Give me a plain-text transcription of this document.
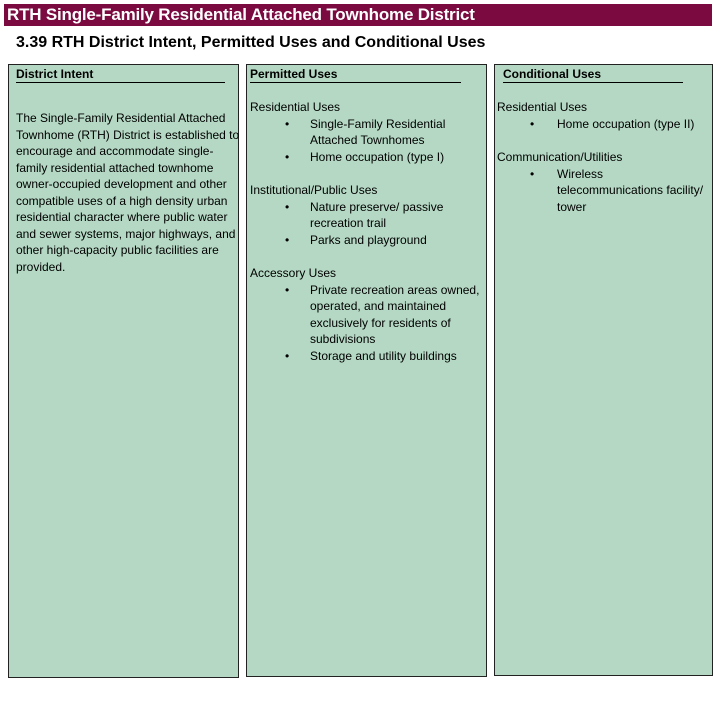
RTH Single-Family Residential Attached Townhome District
3.39 RTH District Intent, Permitted Uses and Conditional Uses
District Intent

The Single-Family Residential Attached Townhome (RTH) District is established to encourage and accommodate single-family residential attached townhome owner-occupied development and other compatible uses of a high density urban residential character where public water and sewer systems, major highways, and other high-capacity public facilities are provided.

Permitted Uses

Residential Uses

• Single-Family Residential Attached Townhomes
• Home occupation (type I)

Institutional/Public Uses

• Nature preserve/ passive recreation trail
• Parks and playground

Accessory Uses

• Private recreation areas owned, operated, and maintained exclusively for residents of subdivisions
• Storage and utility buildings
Conditional Uses

Residential Uses

• Home occupation (type II)

Communication/Utilities

• Wireless telecommunications facility/ tower
